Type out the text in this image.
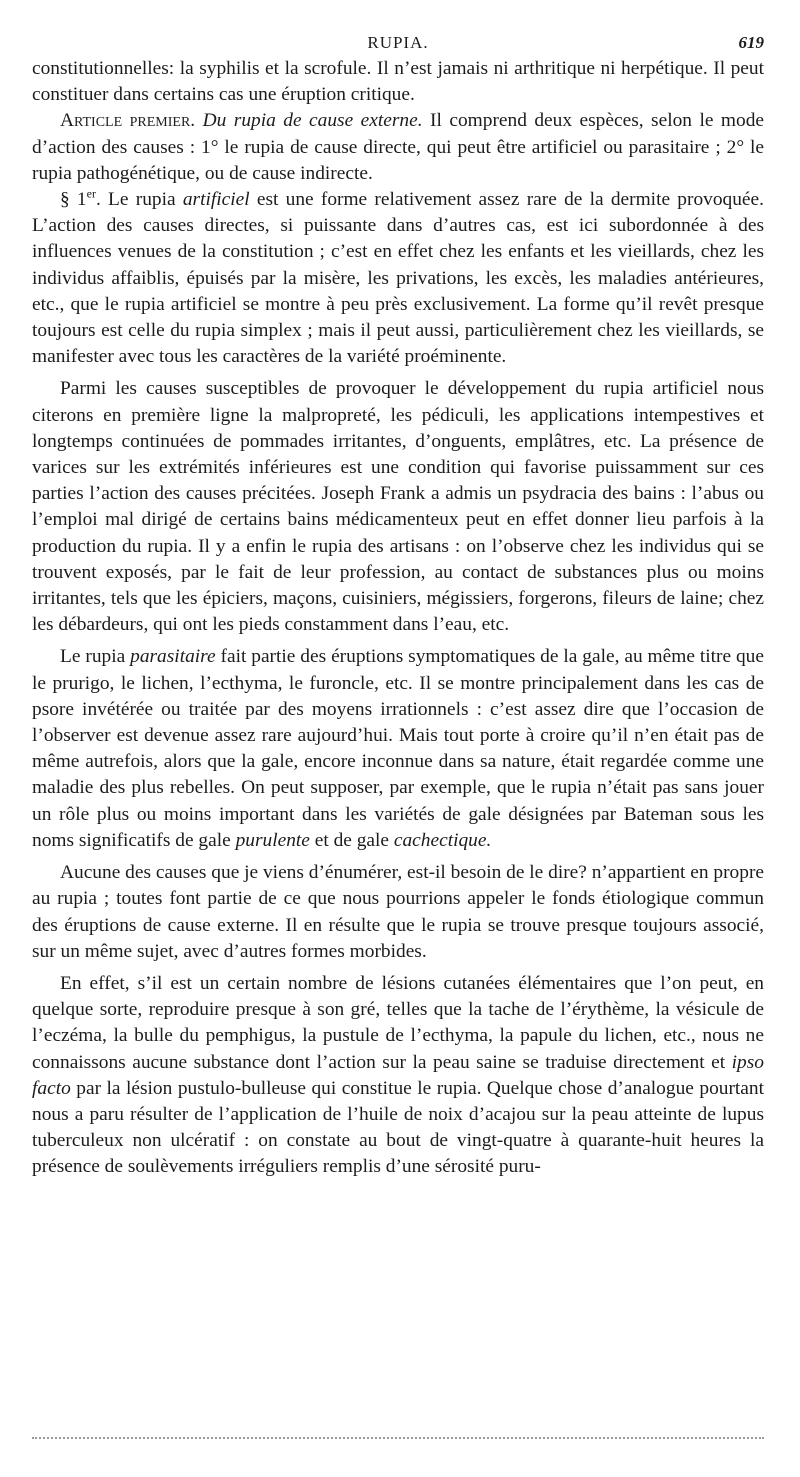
RUPIA.	619

constitutionnelles: la syphilis et la scrofule. Il n’est jamais ni arthritique ni herpétique. Il peut constituer dans certains cas une éruption critique.

Article premier. Du rupia de cause externe. Il comprend deux espèces, selon le mode d’action des causes : 1° le rupia de cause directe, qui peut être artificiel ou parasitaire ; 2° le rupia pathogénétique, ou de cause indirecte.

§ 1er. Le rupia artificiel est une forme relativement assez rare de la dermite provoquée. L’action des causes directes, si puissante dans d’autres cas, est ici subordonnée à des influences venues de la constitution ; c’est en effet chez les enfants et les vieillards, chez les individus affaiblis, épuisés par la misère, les privations, les excès, les maladies antérieures, etc., que le rupia artificiel se montre à peu près exclusivement. La forme qu’il revêt presque toujours est celle du rupia simplex ; mais il peut aussi, particulièrement chez les vieillards, se manifester avec tous les caractères de la variété proéminente.

Parmi les causes susceptibles de provoquer le développement du rupia artificiel nous citerons en première ligne la malpropreté, les pédiculi, les applications intempestives et longtemps continuées de pommades irritantes, d’onguents, emplâtres, etc. La présence de varices sur les extrémités inférieures est une condition qui favorise puissamment sur ces parties l’action des causes précitées. Joseph Frank a admis un psydracia des bains : l’abus ou l’emploi mal dirigé de certains bains médicamenteux peut en effet donner lieu parfois à la production du rupia. Il y a enfin le rupia des artisans : on l’observe chez les individus qui se trouvent exposés, par le fait de leur profession, au contact de substances plus ou moins irritantes, tels que les épiciers, maçons, cuisiniers, mégissiers, forgerons, fileurs de laine; chez les débardeurs, qui ont les pieds constamment dans l’eau, etc.

Le rupia parasitaire fait partie des éruptions symptomatiques de la gale, au même titre que le prurigo, le lichen, l’ecthyma, le furoncle, etc. Il se montre principalement dans les cas de psore invétérée ou traitée par des moyens irrationnels : c’est assez dire que l’occasion de l’observer est devenue assez rare aujourd’hui. Mais tout porte à croire qu’il n’en était pas de même autrefois, alors que la gale, encore inconnue dans sa nature, était regardée comme une maladie des plus rebelles. On peut supposer, par exemple, que le rupia n’était pas sans jouer un rôle plus ou moins important dans les variétés de gale désignées par Bateman sous les noms significatifs de gale purulente et de gale cachectique.

Aucune des causes que je viens d’énumérer, est-il besoin de le dire? n’appartient en propre au rupia ; toutes font partie de ce que nous pourrions appeler le fonds étiologique commun des éruptions de cause externe. Il en résulte que le rupia se trouve presque toujours associé, sur un même sujet, avec d’autres formes morbides.

En effet, s’il est un certain nombre de lésions cutanées élémentaires que l’on peut, en quelque sorte, reproduire presque à son gré, telles que la tache de l’érythème, la vésicule de l’eczéma, la bulle du pemphigus, la pustule de l’ecthyma, la papule du lichen, etc., nous ne connaissons aucune substance dont l’action sur la peau saine se traduise directement et ipso facto par la lésion pustulo-bulleuse qui constitue le rupia. Quelque chose d’analogue pourtant nous a paru résulter de l’application de l’huile de noix d’acajou sur la peau atteinte de lupus tuberculeux non ulcératif : on constate au bout de vingt-quatre à quarante-huit heures la présence de soulèvements irréguliers remplis d’une sérosité puru-
